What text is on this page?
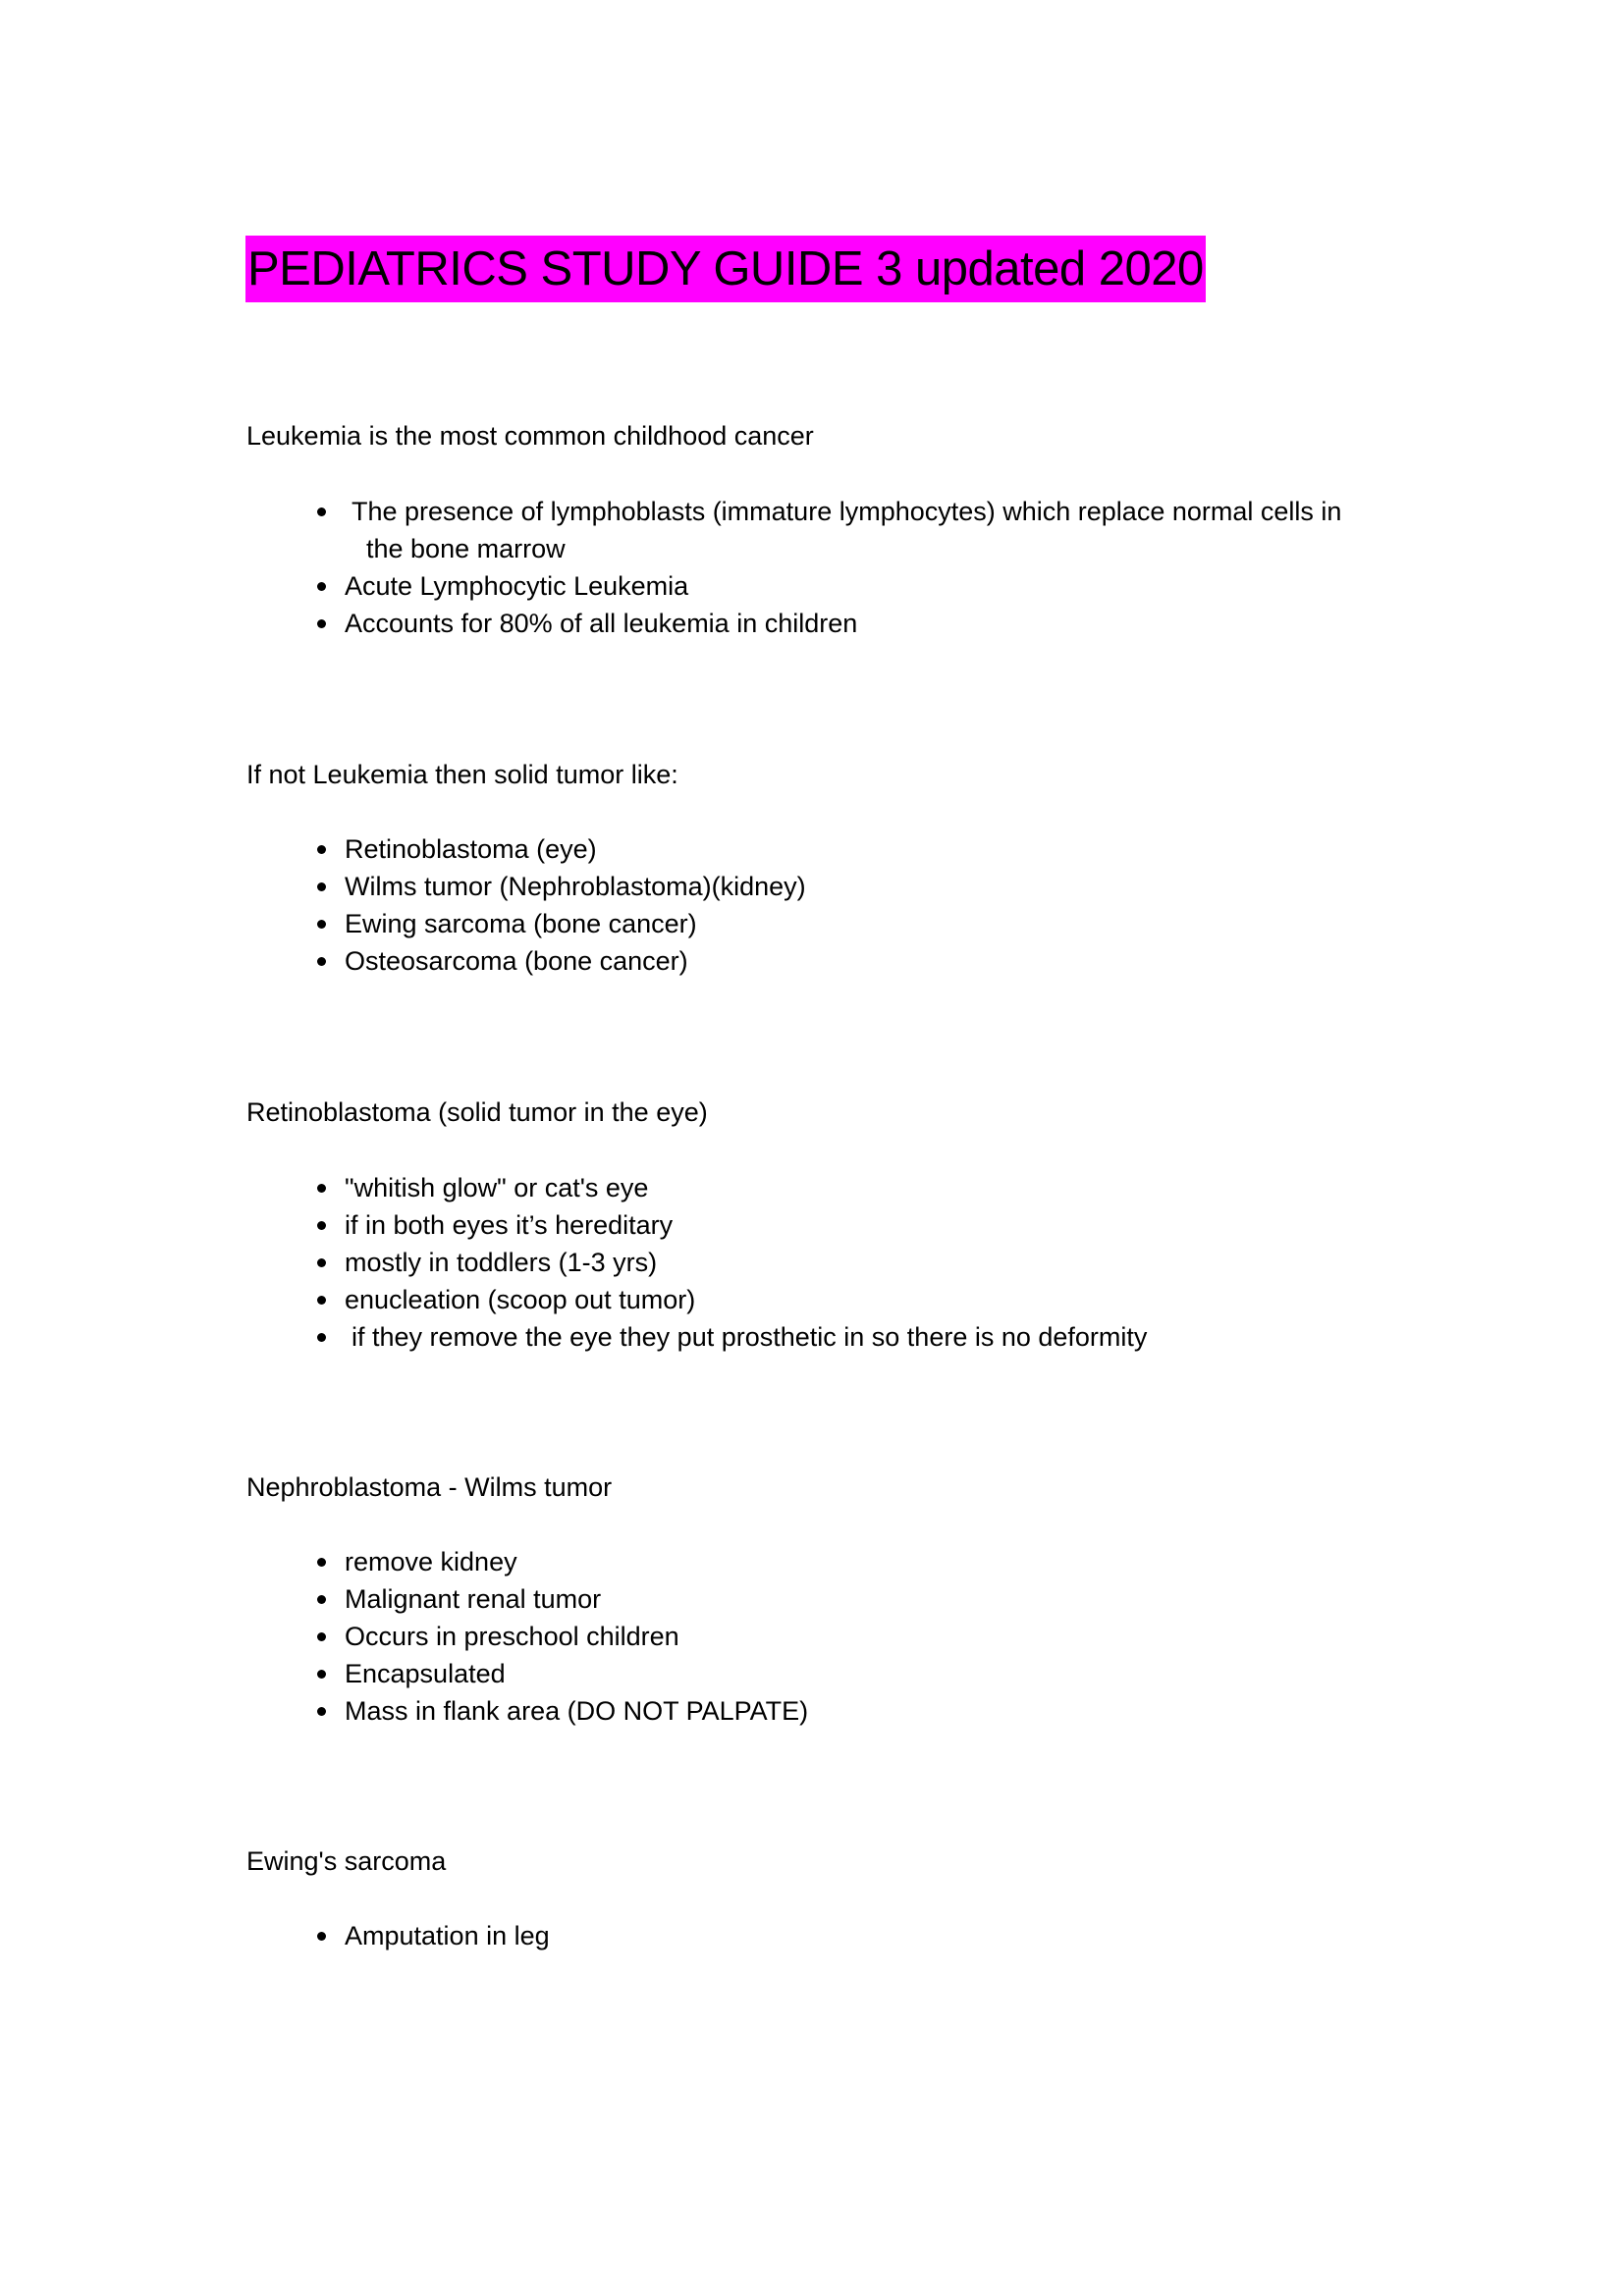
PEDIATRICS STUDY GUIDE 3 updated 2020
Leukemia is the most common childhood cancer
The presence of lymphoblasts (immature lymphocytes) which replace normal cells in
the bone marrow
Acute Lymphocytic Leukemia
Accounts for 80% of all leukemia in children
If not Leukemia then solid tumor like:
Retinoblastoma (eye)
Wilms tumor (Nephroblastoma)(kidney)
Ewing sarcoma (bone cancer)
Osteosarcoma (bone cancer)
Retinoblastoma (solid tumor in the eye)
"whitish glow" or cat's eye
if in both eyes it’s hereditary
mostly in toddlers (1-3 yrs)
enucleation (scoop out tumor)
if they remove the eye they put prosthetic in so there is no deformity
Nephroblastoma - Wilms tumor
remove kidney
Malignant renal tumor
Occurs in preschool children
Encapsulated
Mass in flank area (DO NOT PALPATE)
Ewing's sarcoma
Amputation in leg
